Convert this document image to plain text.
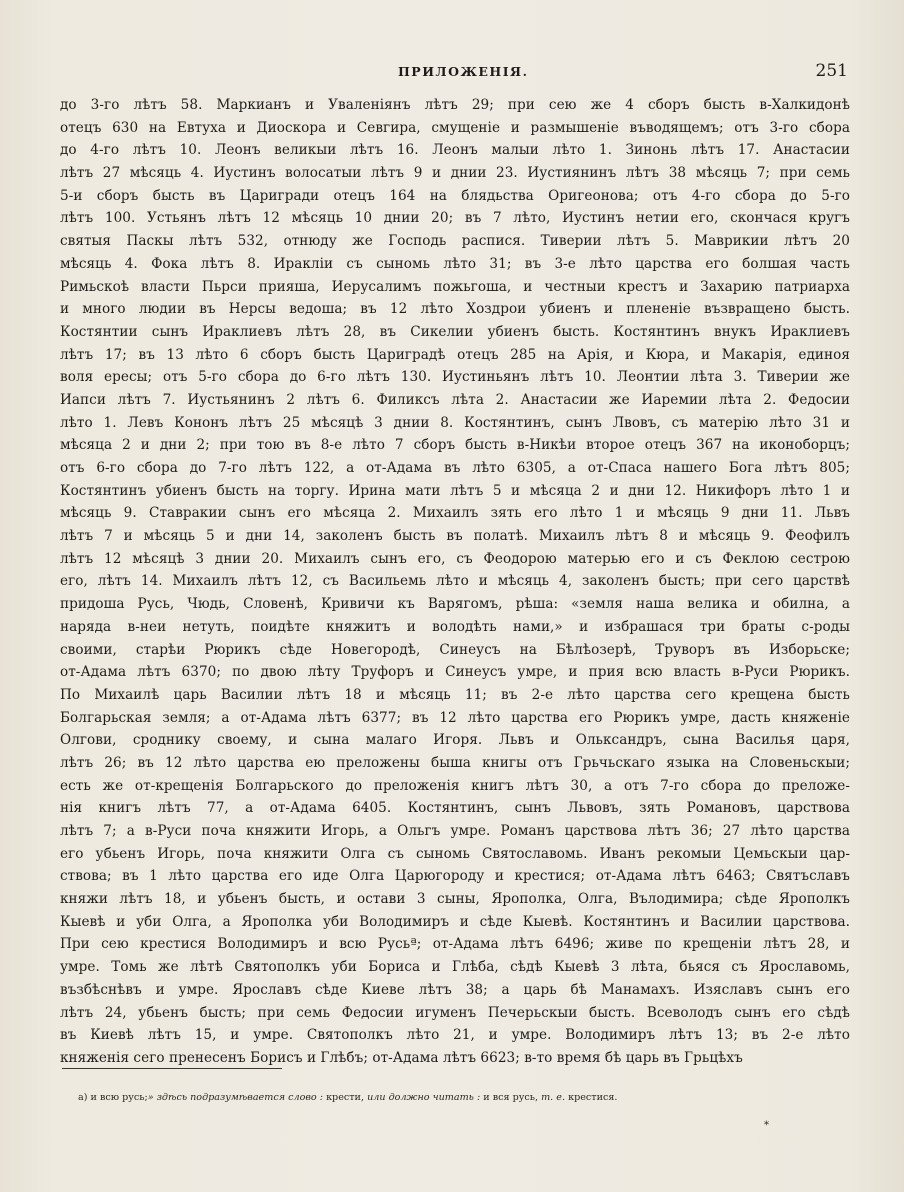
ПРИЛОЖЕНІЯ.	251
до 3-го лѣтъ 58. Маркианъ и Уваленіянъ лѣтъ 29; при сею же 4 сборъ бысть в-Халкидонѣ
отецъ 630 на Евтуха и Диоскора и Севгира, смущеніе и размышеніе въводящемъ; отъ 3-го сбора
до 4-го лѣтъ 10. Леонъ великыи лѣтъ 16. Леонъ малыи лѣто 1. Зинонь лѣтъ 17. Анастасии
лѣтъ 27 мѣсяць 4. Иустинъ волосатыи лѣтъ 9 и днии 23. Иустиянинъ лѣтъ 38 мѣсяць 7; при семь
5-и сборъ бысть въ Царигради отецъ 164 на блядьства Оригеонова; отъ 4-го сбора до 5-го
лѣтъ 100. Устьянъ лѣтъ 12 мѣсяць 10 днии 20; въ 7 лѣто, Иустинъ нетии его, скончася кругъ
святыя Паскы лѣтъ 532, отнюду же Господь распися. Тиверии лѣтъ 5. Маврикии лѣтъ 20
мѣсяць 4. Фока лѣтъ 8. Иракліи съ сыномь лѣто 31; въ 3-е лѣто царства его болшая часть
Римьскоѣ власти Пьрси прияша, Иерусалимъ пожьгоша, и честныи крестъ и Захарию патриарха
и много людии въ Нерсы ведоша; въ 12 лѣто Хоздрои убиенъ и плененіе възвращено бысть.
Костянтии сынъ Ираклиевъ лѣтъ 28, въ Сикелии убиенъ бысть. Костянтинъ внукъ Ираклиевъ
лѣтъ 17; въ 13 лѣто 6 сборъ бысть Цариградѣ отецъ 285 на Арія, и Кюра, и Макарія, единоя
воля ересы; отъ 5-го сбора до 6-го лѣтъ 130. Иустиньянъ лѣтъ 10. Леонтии лѣта 3. Тиверии же
Иапси лѣтъ 7. Иустьянинъ 2 лѣтъ 6. Филиксъ лѣта 2. Анастасии же Иаремии лѣта 2. Федосии
лѣто 1. Левъ Кононъ лѣтъ 25 мѣсяцѣ 3 днии 8. Костянтинъ, сынъ Лвовъ, съ матерію лѣто 31 и
мѣсяца 2 и дни 2; при тою въ 8-е лѣто 7 сборъ бысть в-Никѣи второе отецъ 367 на иконоборцъ;
отъ 6-го сбора до 7-го лѣтъ 122, а от-Адама въ лѣто 6305, а от-Спаса нашего Бога лѣтъ 805;
Костянтинъ убиенъ бысть на торгу. Ирина мати лѣтъ 5 и мѣсяца 2 и дни 12. Никифоръ лѣто 1 и
мѣсяць 9. Ставракии сынъ его мѣсяца 2. Михаилъ зять его лѣто 1 и мѣсяць 9 дни 11. Львъ
лѣтъ 7 и мѣсяць 5 и дни 14, заколенъ бысть въ полатѣ. Михаилъ лѣтъ 8 и мѣсяць 9. Феофилъ
лѣтъ 12 мѣсяцѣ 3 днии 20. Михаилъ сынъ его, съ Феодорою матерью его и съ Феклою сестрою
его, лѣтъ 14. Михаилъ лѣтъ 12, съ Васильемь лѣто и мѣсяць 4, заколенъ бысть; при сего царствѣ
придоша Русь, Чюдь, Словенѣ, Кривичи къ Варягомъ, рѣша: «земля наша велика и обилна, а
наряда в-неи нетуть, поидѣте княжитъ и володѣть нами,» и избрашася три браты с-роды
своими, старѣи Рюрикъ сѣде Новегородѣ, Синеусъ на Бѣлѣозерѣ, Труворъ въ Изборьске;
от-Адама лѣтъ 6370; по двою лѣту Труфоръ и Синеусъ умре, и прия всю власть в-Руси Рюрикъ.
По Михаилѣ царь Василии лѣтъ 18 и мѣсяць 11; въ 2-е лѣто царства сего крещена бысть
Болгарьская земля; а от-Адама лѣтъ 6377; въ 12 лѣто царства его Рюрикъ умре, дасть княженіе
Олгови, сроднику своему, и сына малаго Игоря. Львъ и Олькcандръ, сына Василья царя,
лѣтъ 26; въ 12 лѣто царства ею преложены быша книгы отъ Грьчьскаго языка на Словеньскыи;
есть же от-крещенія Болгарьского до преложенія книгъ лѣтъ 30, а отъ 7-го сбора до преложе-
нія книгъ лѣтъ 77, а от-Адама 6405. Костянтинъ, сынъ Львовъ, зять Романовъ, царствова
лѣтъ 7; а в-Руси поча княжити Игорь, а Ольгъ умре. Романъ царствова лѣтъ 36; 27 лѣто царства
его убьенъ Игорь, поча княжити Олга съ сыномь Святославомь. Иванъ рекомыи Цемьскыи цар-
ствова; въ 1 лѣто царства его иде Олга Царюгороду и крестися; от-Адама лѣтъ 6463; Святъславъ
княжи лѣтъ 18, и убьенъ бысть, и остави 3 сыны, Ярополка, Олга, Вълодимира; сѣде Ярополкъ
Кыевѣ и уби Олга, а Ярополка уби Володимиръ и сѣде Кыевѣ. Костянтинъ и Василии царствова.
При сею крестися Володимиръ и всю Русьª; от-Адама лѣтъ 6496; живе по крещеніи лѣтъ 28, и
умре. Томь же лѣтѣ Святополкъ уби Бориса и Глѣба, сѣдѣ Кыевѣ 3 лѣта, бьяся съ Ярославомь,
възбѣснѣвъ и умре. Ярославъ сѣде Киеве лѣтъ 38; а царь бѣ Манамахъ. Изяславъ сынъ его
лѣтъ 24, убьенъ бысть; при семь Федосии игуменъ Печерьскыи бысть. Всеволодъ сынъ его сѣдѣ
въ Киевѣ лѣтъ 15, и умре. Святополкъ лѣто 21, и умре. Володимиръ лѣтъ 13; въ 2-е лѣто
княженія сего пренесенъ Борисъ и Глѣбъ; от-Адама лѣтъ 6623; в-то время бѣ царь въ Грьцѣхъ
а) и всю русь;» здѣсь подразумѣвается слово : крести, или должно читать : и вся русь, т. е. крестися.
*
